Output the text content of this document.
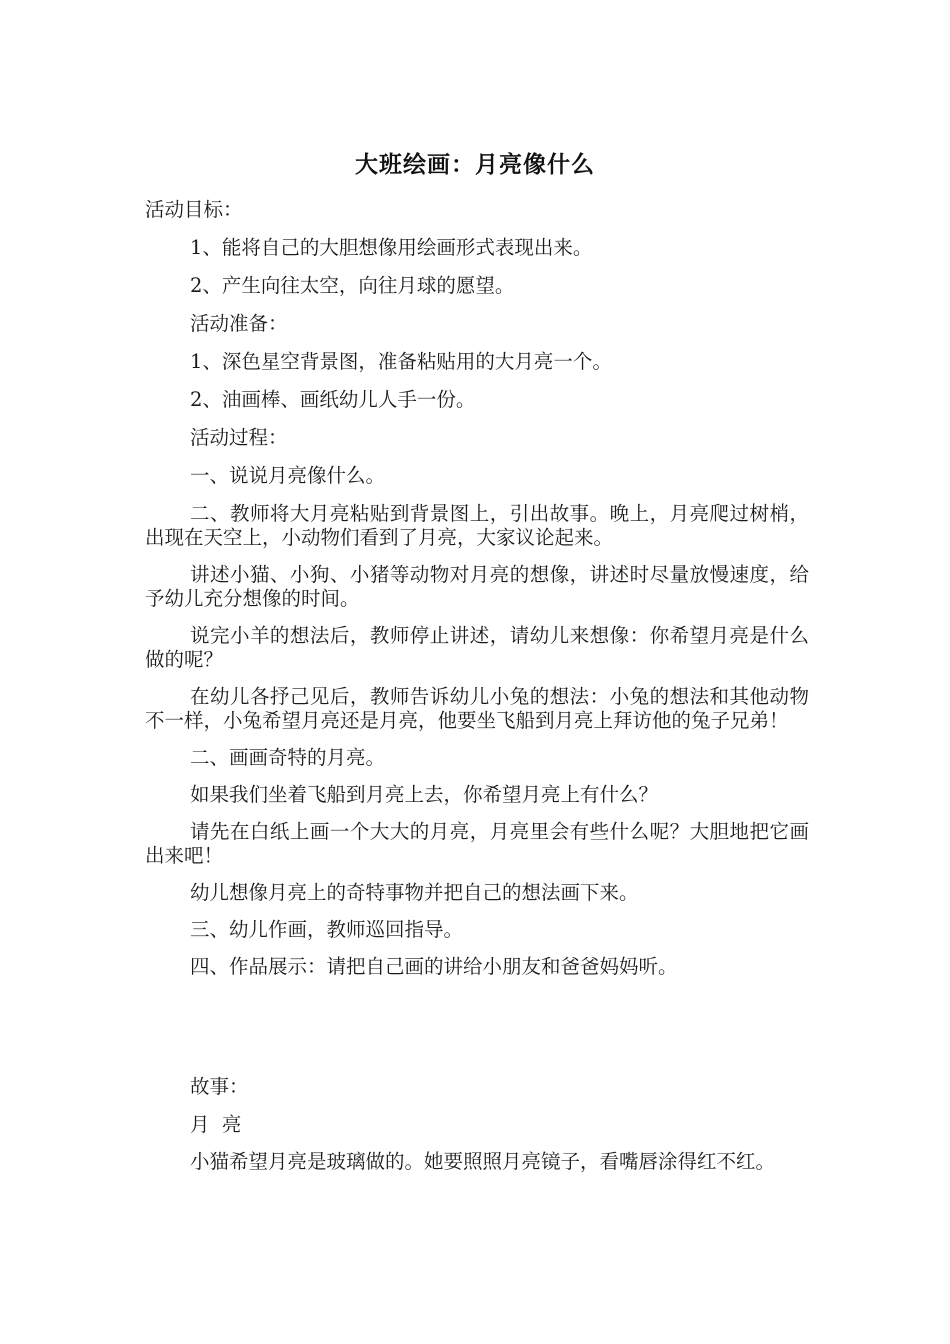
大班绘画：月亮像什么

活动目标：

1、能将自己的大胆想像用绘画形式表现出来。

2、产生向往太空，向往月球的愿望。

活动准备：

1、深色星空背景图，准备粘贴用的大月亮一个。

2、油画棒、画纸幼儿人手一份。

活动过程：

一、说说月亮像什么。

二、教师将大月亮粘贴到背景图上，引出故事。晚上，月亮爬过树梢，出现在天空上，小动物们看到了月亮，大家议论起来。

讲述小猫、小狗、小猪等动物对月亮的想像，讲述时尽量放慢速度，给予幼儿充分想像的时间。

说完小羊的想法后，教师停止讲述，请幼儿来想像：你希望月亮是什么做的呢？

在幼儿各抒己见后，教师告诉幼儿小兔的想法：小兔的想法和其他动物不一样，小兔希望月亮还是月亮，他要坐飞船到月亮上拜访他的兔子兄弟！

二、画画奇特的月亮。

如果我们坐着飞船到月亮上去，你希望月亮上有什么？

请先在白纸上画一个大大的月亮，月亮里会有些什么呢？大胆地把它画出来吧！

幼儿想像月亮上的奇特事物并把自己的想法画下来。

三、幼儿作画，教师巡回指导。

四、作品展示：请把自己画的讲给小朋友和爸爸妈妈听。

故事：

月  亮

小猫希望月亮是玻璃做的。她要照照月亮镜子，看嘴唇涂得红不红。
